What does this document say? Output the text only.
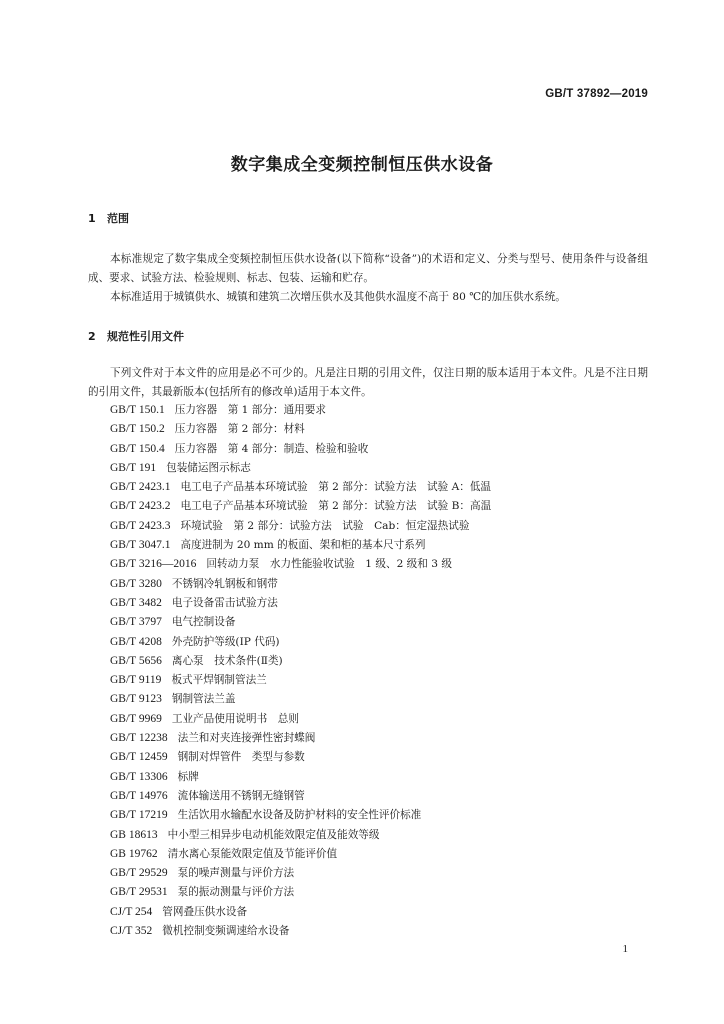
GB/T 37892—2019
数字集成全变频控制恒压供水设备
1 范围

本标准规定了数字集成全变频控制恒压供水设备(以下简称“设备”)的术语和定义、分类与型号、使用条件与设备组成、要求、试验方法、检验规则、标志、包装、运输和贮存。

本标准适用于城镇供水、城镇和建筑二次增压供水及其他供水温度不高于 80 ℃的加压供水系统。

2 规范性引用文件

下列文件对于本文件的应用是必不可少的。凡是注日期的引用文件，仅注日期的版本适用于本文件。凡是不注日期的引用文件，其最新版本(包括所有的修改单)适用于本文件。

GB/T 150.1 压力容器　第 1 部分：通用要求
GB/T 150.2 压力容器　第 2 部分：材料
GB/T 150.4 压力容器　第 4 部分：制造、检验和验收
GB/T 191 包装储运图示标志
GB/T 2423.1 电工电子产品基本环境试验　第 2 部分：试验方法　试验 A：低温
GB/T 2423.2 电工电子产品基本环境试验　第 2 部分：试验方法　试验 B：高温
GB/T 2423.3 环境试验　第 2 部分：试验方法　试验　Cab：恒定湿热试验
GB/T 3047.1 高度进制为 20 mm 的板面、架和柜的基本尺寸系列
GB/T 3216—2016 回转动力泵　水力性能验收试验　1 级、2 级和 3 级
GB/T 3280 不锈钢冷轧钢板和钢带
GB/T 3482 电子设备雷击试验方法
GB/T 3797 电气控制设备
GB/T 4208 外壳防护等级(IP 代码)
GB/T 5656 离心泵　技术条件(Ⅱ类)
GB/T 9119 板式平焊钢制管法兰
GB/T 9123 钢制管法兰盖
GB/T 9969 工业产品使用说明书　总则
GB/T 12238 法兰和对夹连接弹性密封蝶阀
GB/T 12459 钢制对焊管件　类型与参数
GB/T 13306 标牌
GB/T 14976 流体输送用不锈钢无缝钢管
GB/T 17219 生活饮用水输配水设备及防护材料的安全性评价标准
GB 18613 中小型三相异步电动机能效限定值及能效等级
GB 19762 清水离心泵能效限定值及节能评价值
GB/T 29529 泵的噪声测量与评价方法
GB/T 29531 泵的振动测量与评价方法
CJ/T 254 管网叠压供水设备
CJ/T 352 微机控制变频调速给水设备
1
